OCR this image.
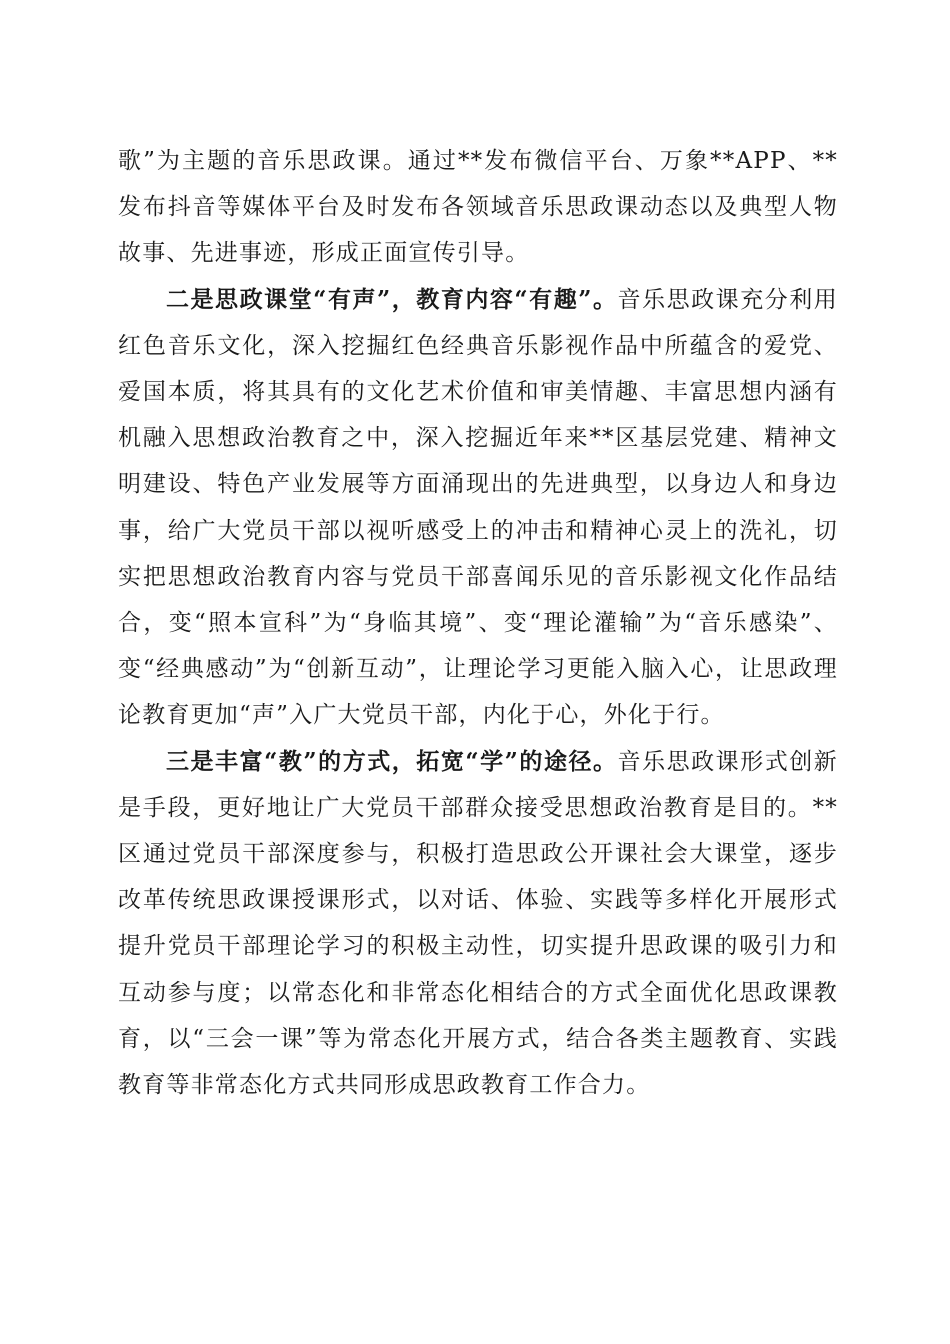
歌”为主题的音乐思政课。通过**发布微信平台、万象**APP、**发布抖音等媒体平台及时发布各领域音乐思政课动态以及典型人物故事、先进事迹，形成正面宣传引导。

二是思政课堂“有声”，教育内容“有趣”。音乐思政课充分利用红色音乐文化，深入挖掘红色经典音乐影视作品中所蕴含的爱党、爱国本质，将其具有的文化艺术价值和审美情趣、丰富思想内涵有机融入思想政治教育之中，深入挖掘近年来**区基层党建、精神文明建设、特色产业发展等方面涌现出的先进典型，以身边人和身边事，给广大党员干部以视听感受上的冲击和精神心灵上的洗礼，切实把思想政治教育内容与党员干部喜闻乐见的音乐影视文化作品结合，变“照本宣科”为“身临其境”、变“理论灌输”为“音乐感染”、变“经典感动”为“创新互动”，让理论学习更能入脑入心，让思政理论教育更加“声”入广大党员干部，内化于心，外化于行。

三是丰富“教”的方式，拓宽“学”的途径。音乐思政课形式创新是手段，更好地让广大党员干部群众接受思想政治教育是目的。**区通过党员干部深度参与，积极打造思政公开课社会大课堂，逐步改革传统思政课授课形式，以对话、体验、实践等多样化开展形式提升党员干部理论学习的积极主动性，切实提升思政课的吸引力和互动参与度；以常态化和非常态化相结合的方式全面优化思政课教育，以“三会一课”等为常态化开展方式，结合各类主题教育、实践教育等非常态化方式共同形成思政教育工作合力。
